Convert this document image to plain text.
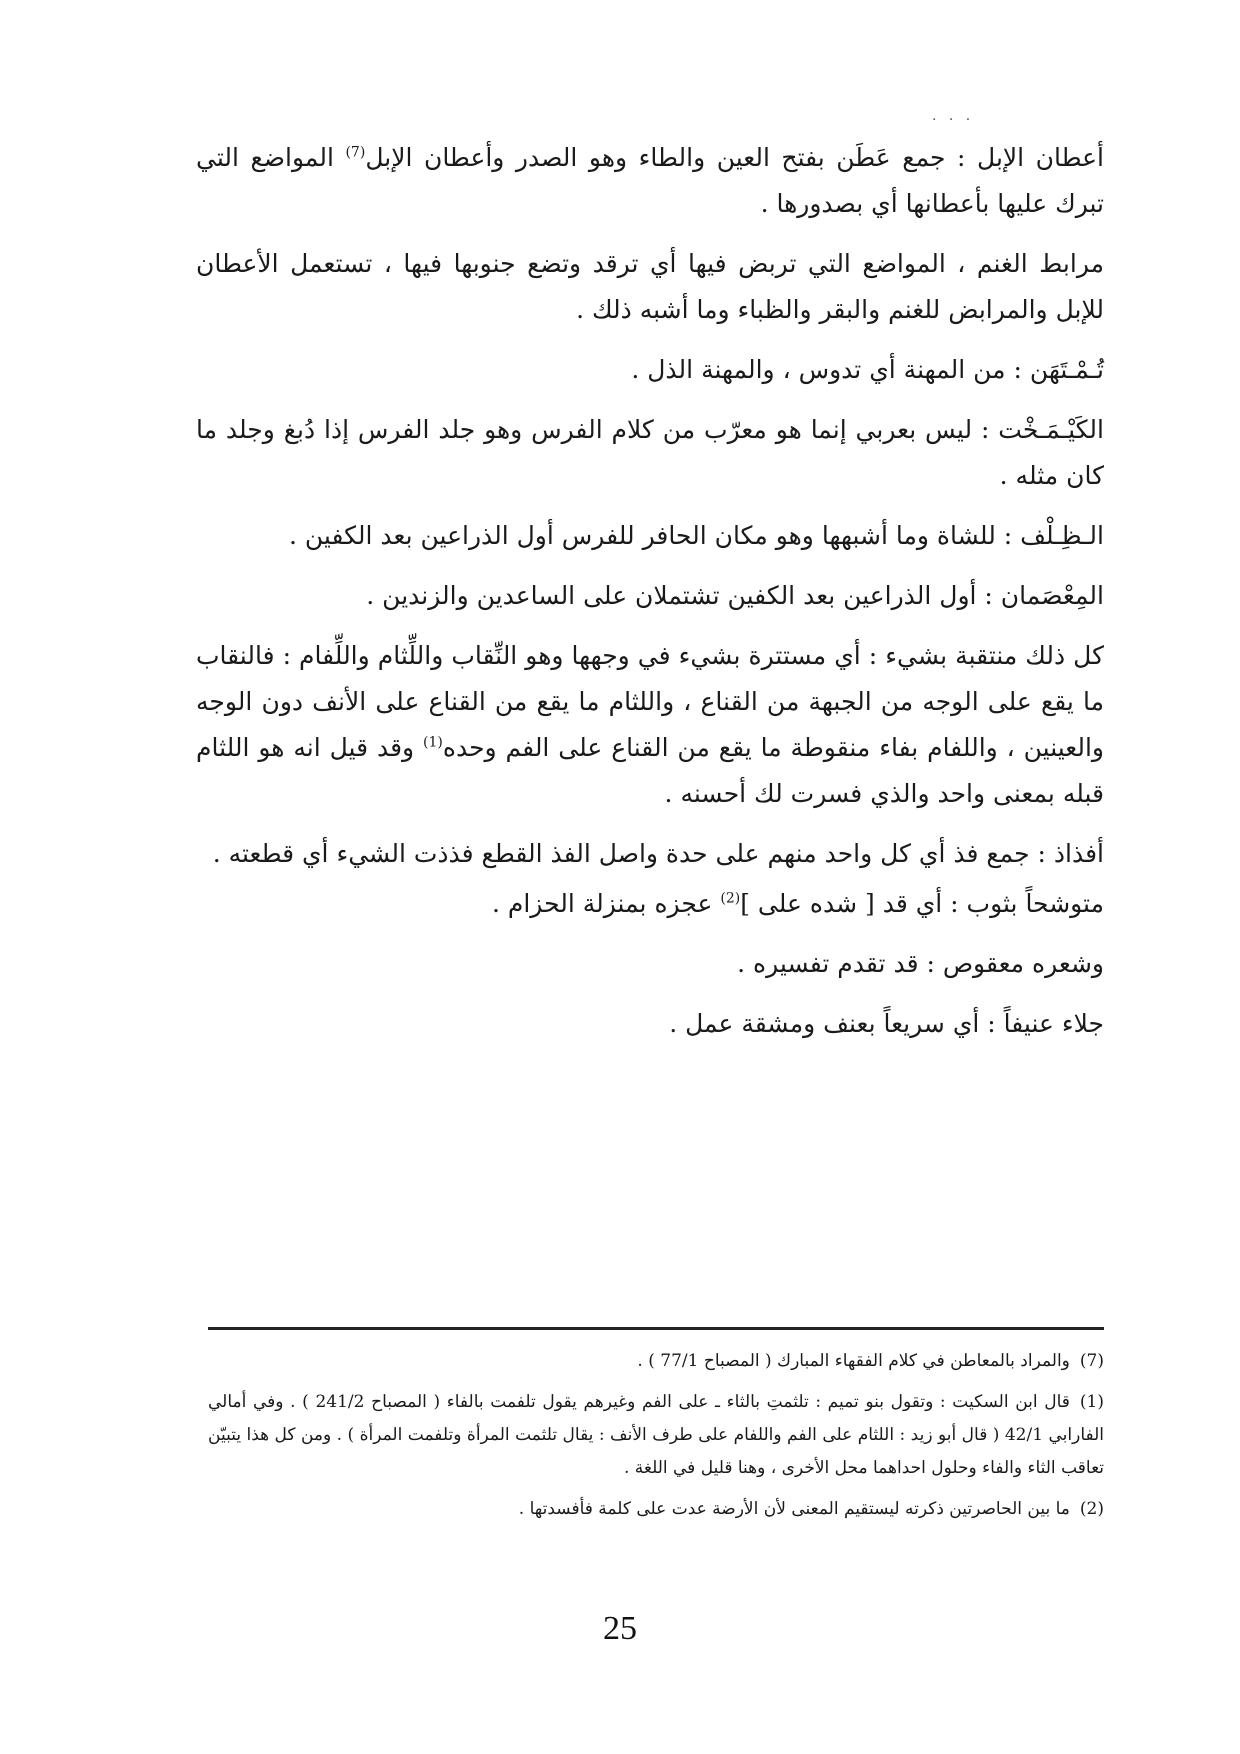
· · ·

أعطان الإبل : جمع عَطَن بفتح العين والطاء وهو الصدر وأعطان الإبل$^{(7)}$ المواضع التي تبرك عليها بأعطانها أي بصدورها .

مرابط الغنم ، المواضع التي تربض فيها أي ترقد وتضع جنوبها فيها ، تستعمل الأعطان للإبل والمرابض للغنم والبقر والظباء وما أشبه ذلك .

تُـمْـتَهَن : من المهنة أي تدوس ، والمهنة الذل .

الكَيْـمَـخْت : ليس بعربي إنما هو معرّب من كلام الفرس وهو جلد الفرس إذا دُبغ وجلد ما كان مثله .

الـظِـلْف : للشاة وما أشبهها وهو مكان الحافر للفرس أول الذراعين بعد الكفين .

المِعْصَمان : أول الذراعين بعد الكفين تشتملان على الساعدين والزندين .

كل ذلك منتقبة بشيء : أي مستترة بشيء في وجهها وهو النِّقاب واللِّثام واللِّفام : فالنقاب ما يقع على الوجه من الجبهة من القناع ، واللثام ما يقع من القناع على الأنف دون الوجه والعينين ، واللفام بفاء منقوطة ما يقع من القناع على الفم وحده$^{(1)}$ وقد قيل انه هو اللثام قبله بمعنى واحد والذي فسرت لك أحسنه .

أفذاذ : جمع فذ أي كل واحد منهم على حدة واصل الفذ القطع فذذت الشيء أي قطعته .

متوشحاً بثوب : أي قد [ شده على ]$^{(2)}$ عجزه بمنزلة الحزام .

وشعره معقوص : قد تقدم تفسيره .

جلاء عنيفاً : أي سريعاً بعنف ومشقة عمل .

(7)والمراد بالمعاطن في كلام الفقهاء المبارك ( المصباح 77/1 ) .

(1)قال ابن السكيت : وتقول بنو تميم : تلثمتِ بالثاء ـ على الفم وغيرهم يقول تلفمت بالفاء ( المصباح 241/2 ) . وفي أمالي الفارابي 42/1 ( قال أبو زيد : اللثام على الفم واللفام على طرف الأنف : يقال تلثمت المرأة وتلفمت المرأة ) . ومن كل هذا يتبيّن تعاقب الثاء والفاء وحلول احداهما محل الأخرى ، وهنا قليل في اللغة .

(2)ما بين الحاصرتين ذكرته ليستقيم المعنى لأن الأرضة عدت على كلمة فأفسدتها .

25
